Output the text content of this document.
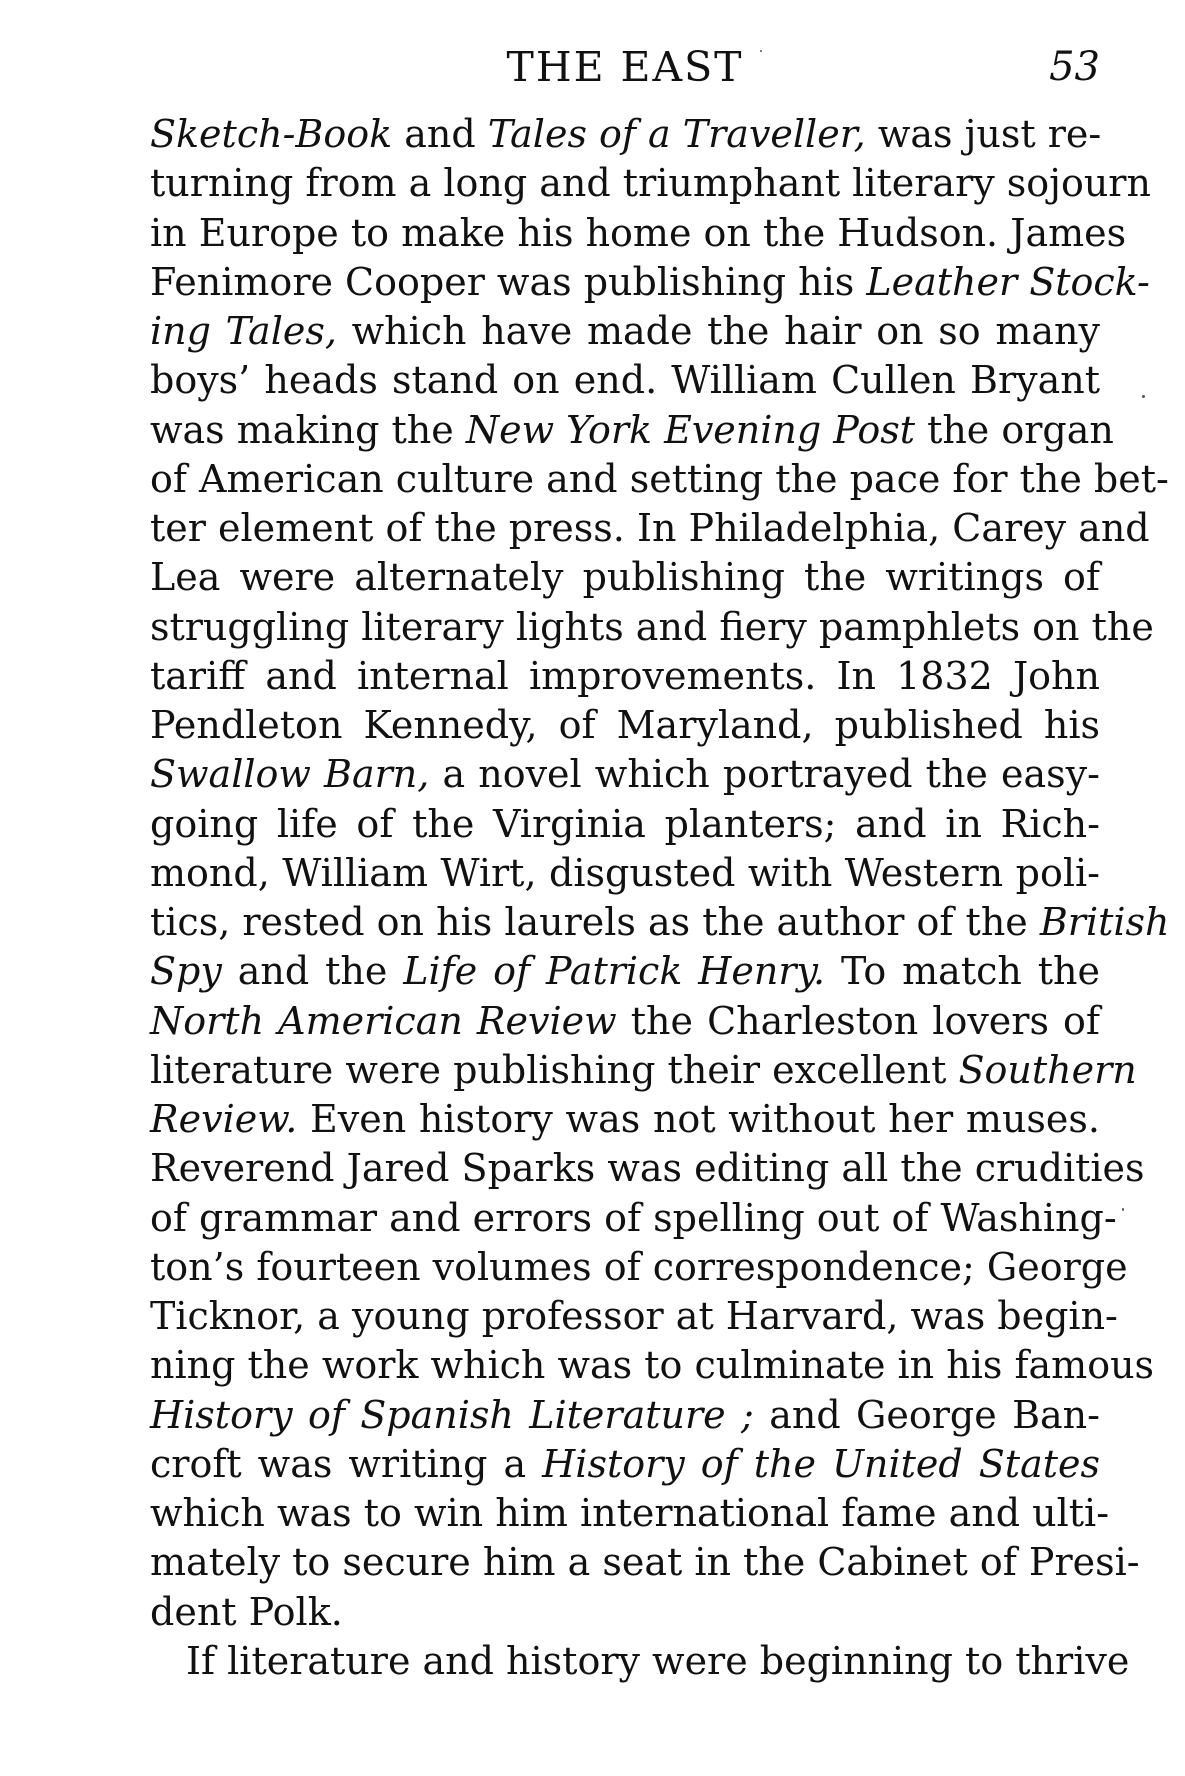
THE EAST	53
Sketch-Book and Tales of a Traveller, was just re-
turning from a long and triumphant literary sojourn
in Europe to make his home on the Hudson. James
Fenimore Cooper was publishing his Leather Stock-
ing Tales, which have made the hair on so many
boys’ heads stand on end. William Cullen Bryant
was making the New York Evening Post the organ
of American culture and setting the pace for the bet-
ter element of the press. In Philadelphia, Carey and
Lea were alternately publishing the writings of
struggling literary lights and fiery pamphlets on the
tariff and internal improvements. In 1832 John
Pendleton Kennedy, of Maryland, published his
Swallow Barn, a novel which portrayed the easy-
going life of the Virginia planters; and in Rich-
mond, William Wirt, disgusted with Western poli-
tics, rested on his laurels as the author of the British
Spy and the Life of Patrick Henry. To match the
North American Review the Charleston lovers of
literature were publishing their excellent Southern
Review. Even history was not without her muses.
Reverend Jared Sparks was editing all the crudities
of grammar and errors of spelling out of Washing-
ton’s fourteen volumes of correspondence; George
Ticknor, a young professor at Harvard, was begin-
ning the work which was to culminate in his famous
History of Spanish Literature ; and George Ban-
croft was writing a History of the United States
which was to win him international fame and ulti-
mately to secure him a seat in the Cabinet of Presi-
dent Polk.
If literature and history were beginning to thrive
